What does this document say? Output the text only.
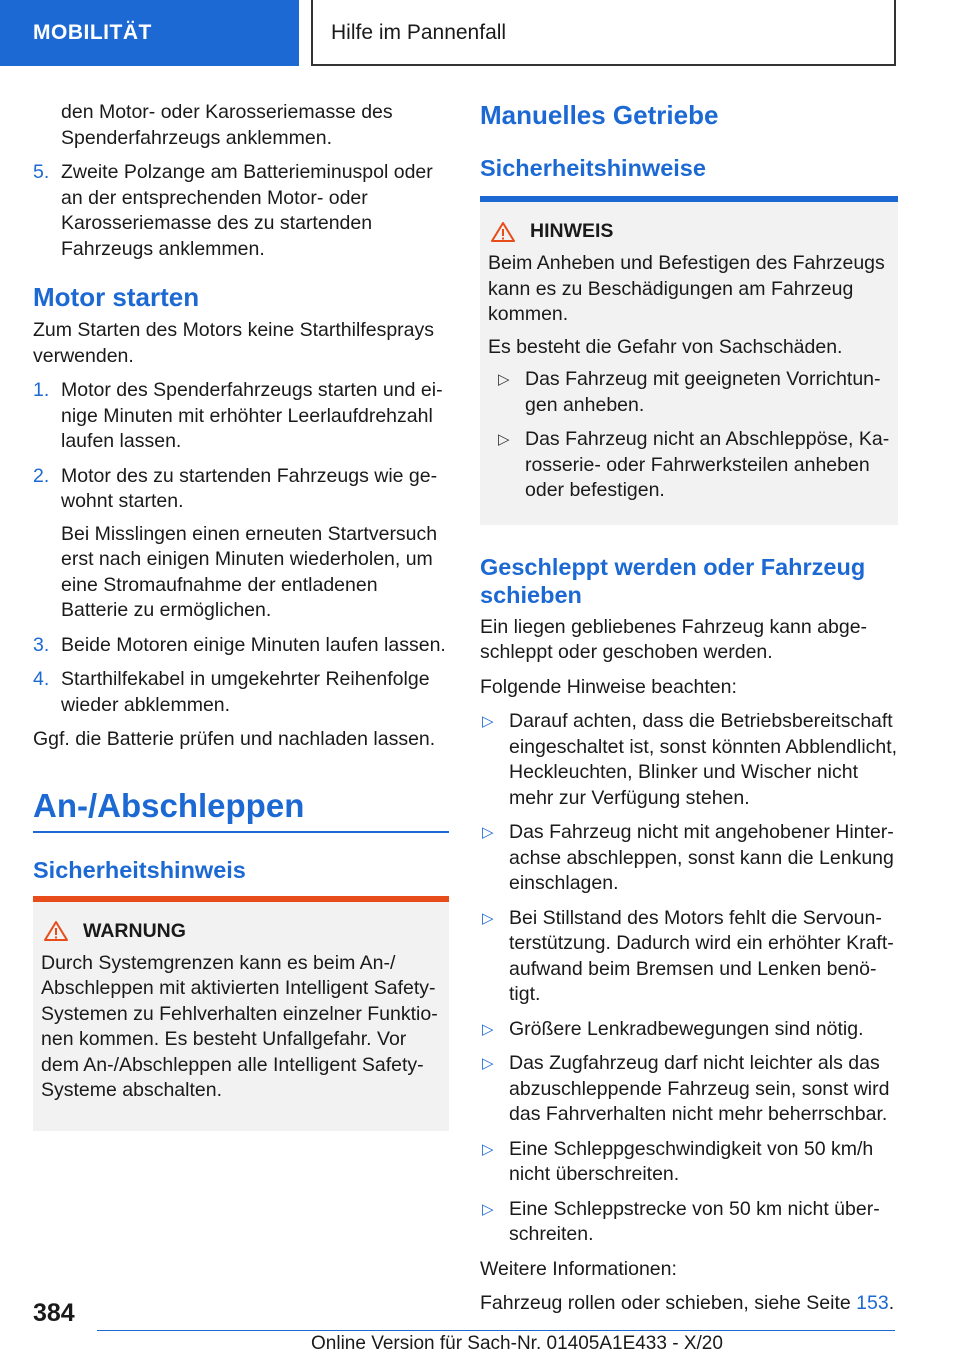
MOBILITÄT	Hilfe im Pannenfall

den Motor- oder Karosseriemasse des Spenderfahrzeugs anklemmen.

5. Zweite Polzange am Batterieminuspol oder an der entsprechenden Motor- oder Karosseriemasse des zu startenden Fahrzeugs anklemmen.

Motor starten

Zum Starten des Motors keine Starthilfesprays verwenden.

1. Motor des Spenderfahrzeugs starten und einige Minuten mit erhöhter Leerlaufdrehzahl laufen lassen.

2. Motor des zu startenden Fahrzeugs wie gewohnt starten.

Bei Misslingen einen erneuten Startversuch erst nach einigen Minuten wiederholen, um eine Stromaufnahme der entladenen Batterie zu ermöglichen.

3. Beide Motoren einige Minuten laufen lassen.

4. Starthilfekabel in umgekehrter Reihenfolge wieder abklemmen.

Ggf. die Batterie prüfen und nachladen lassen.

An-/Abschleppen
Sicherheitshinweis
WARNUNG

Durch Systemgrenzen kann es beim An-/ Abschleppen mit aktivierten Intelligent Safety-Systemen zu Fehlverhalten einzelner Funktionen kommen. Es besteht Unfallgefahr. Vor dem An-/Abschleppen alle Intelligent Safety-Systeme abschalten.

Manuelles Getriebe
Sicherheitshinweise
HINWEIS

Beim Anheben und Befestigen des Fahrzeugs kann es zu Beschädigungen am Fahrzeug kommen.

Es besteht die Gefahr von Sachschäden.

▷ Das Fahrzeug mit geeigneten Vorrichtungen anheben.
▷ Das Fahrzeug nicht an Abschleppöse, Karosserie- oder Fahrwerksteilen anheben oder befestigen.
Geschleppt werden oder Fahrzeug schieben

Ein liegen gebliebenes Fahrzeug kann abgeschleppt oder geschoben werden.

Folgende Hinweise beachten:

▷ Darauf achten, dass die Betriebsbereitschaft eingeschaltet ist, sonst könnten Abblendlicht, Heckleuchten, Blinker und Wischer nicht mehr zur Verfügung stehen.
▷ Das Fahrzeug nicht mit angehobener Hinterachse abschleppen, sonst kann die Lenkung einschlagen.
▷ Bei Stillstand des Motors fehlt die Servounterstützung. Dadurch wird ein erhöhter Kraftaufwand beim Bremsen und Lenken benötigt.
▷ Größere Lenkradbewegungen sind nötig.
▷ Das Zugfahrzeug darf nicht leichter als das abzuschleppende Fahrzeug sein, sonst wird das Fahrverhalten nicht mehr beherrschbar.
▷ Eine Schleppgeschwindigkeit von 50 km/h nicht überschreiten.
▷ Eine Schleppstrecke von 50 km nicht überschreiten.

Weitere Informationen:

Fahrzeug rollen oder schieben, siehe Seite 153.

384
Online Version für Sach-Nr. 01405A1E433 - X/20
